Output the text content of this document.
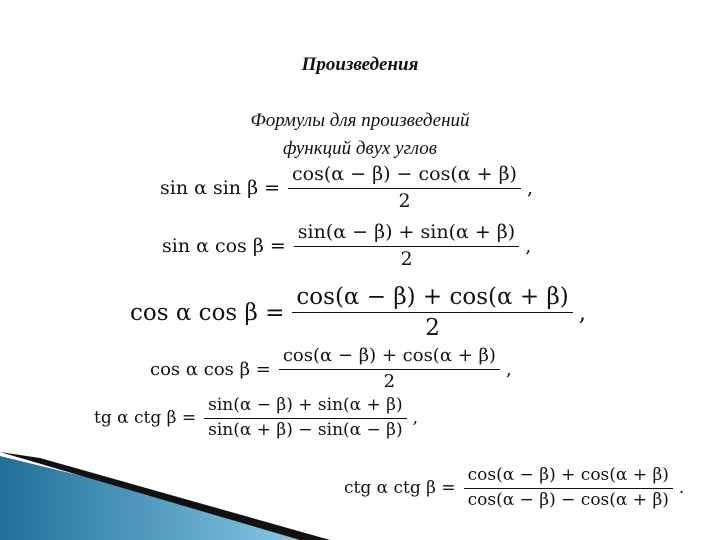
Произведения
Формулы для произведений
функций двух углов
sin α $\sin \beta = \frac{\cos(\alpha - \beta) - \cos(\alpha + \beta)}{2}$ ,
sin α $\cos \beta = \frac{\sin(\alpha - \beta) + \sin(\alpha + \beta)}{2}$ ,
cos α $\cos \beta = \frac{\cos(\alpha - \beta) + \cos(\alpha + \beta)}{2}$ ,
cos α $\cos \beta = \frac{\cos(\alpha - \beta) + \cos(\alpha + \beta)}{2}$ ,
tg α ctg $\beta = \frac{\sin(\alpha - \beta) + \sin(\alpha + \beta)}{\sin(\alpha + \beta) - \sin(\alpha - \beta)}$ ,
ctg α ctg $\beta = \frac{\cos(\alpha - \beta) + \cos(\alpha + \beta)}{\cos(\alpha - \beta) - \cos(\alpha + \beta)}$ .
